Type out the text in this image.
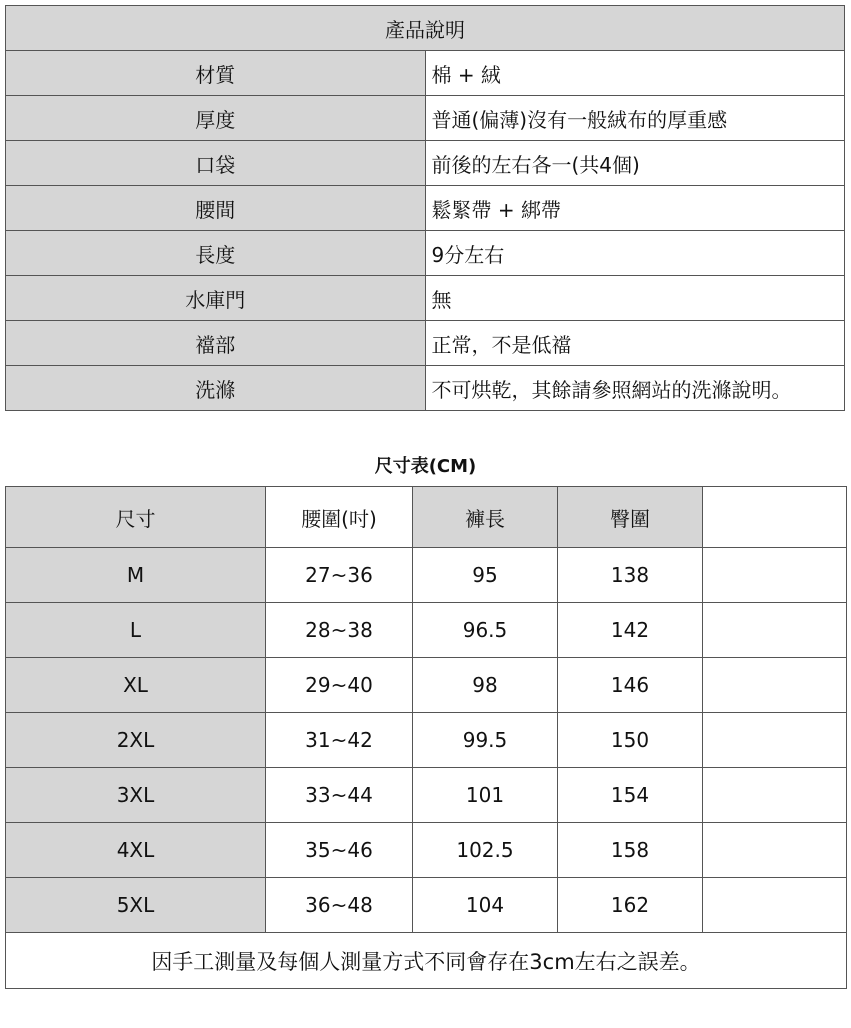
產品說明	
材質	棉 + 絨
厚度	普通(偏薄)沒有一般絨布的厚重感
口袋	前後的左右各一(共4個)
腰間	鬆緊帶 + 綁帶
長度	9分左右
水庫門	無
襠部	正常，不是低襠
洗滌	不可烘乾，其餘請參照網站的洗滌說明。
尺寸表(CM)
尺寸	腰圍(吋)	褲長	臀圍	
M	27~36	95	138	
L	28~38	96.5	142	
XL	29~40	98	146	
2XL	31~42	99.5	150	
3XL	33~44	101	154	
4XL	35~46	102.5	158	
5XL	36~48	104	162	
因手工測量及每個人測量方式不同會存在3cm左右之誤差。				
